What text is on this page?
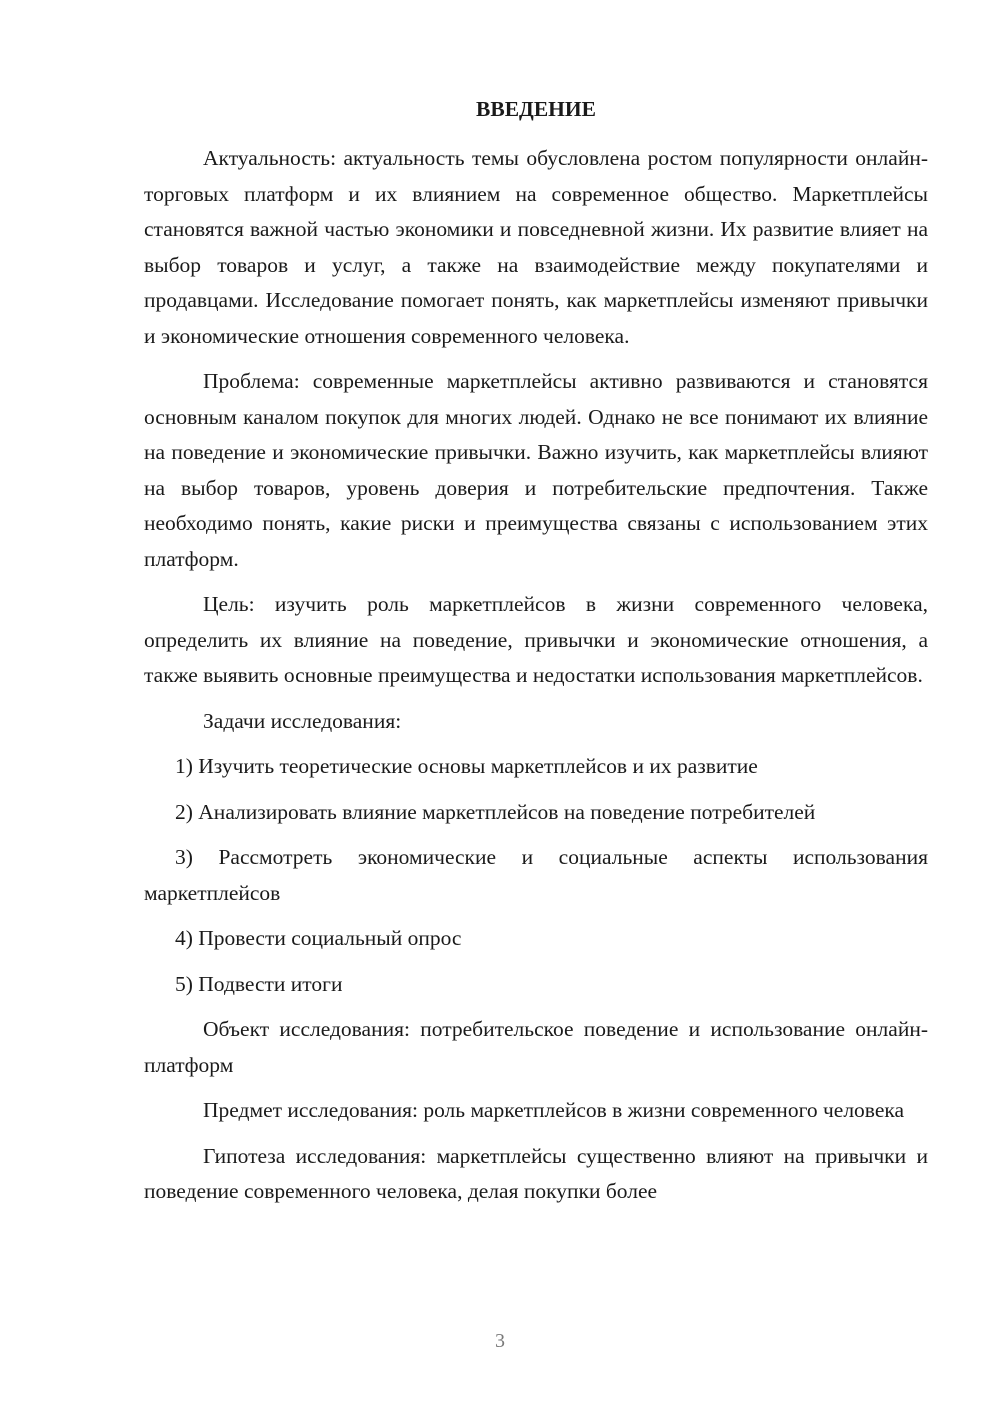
ВВЕДЕНИЕ

Актуальность: актуальность темы обусловлена ростом популярности онлайн-торговых платформ и их влиянием на современное общество. Маркетплейсы становятся важной частью экономики и повседневной жизни. Их развитие влияет на выбор товаров и услуг, а также на взаимодействие между покупателями и продавцами. Исследование помогает понять, как маркетплейсы изменяют привычки и экономические отношения современного человека.

Проблема: современные маркетплейсы активно развиваются и становятся основным каналом покупок для многих людей. Однако не все понимают их влияние на поведение и экономические привычки. Важно изучить, как маркетплейсы влияют на выбор товаров, уровень доверия и потребительские предпочтения. Также необходимо понять, какие риски и преимущества связаны с использованием этих платформ.

Цель: изучить роль маркетплейсов в жизни современного человека, определить их влияние на поведение, привычки и экономические отношения, а также выявить основные преимущества и недостатки использования маркетплейсов.

Задачи исследования:

1) Изучить теоретические основы маркетплейсов и их развитие

2) Анализировать влияние маркетплейсов на поведение потребителей

3) Рассмотреть экономические и социальные аспекты использования маркетплейсов

4) Провести социальный опрос

5) Подвести итоги

Объект исследования: потребительское поведение и использование онлайн-платформ

Предмет исследования: роль маркетплейсов в жизни современного человека

Гипотеза исследования: маркетплейсы существенно влияют на привычки и поведение современного человека, делая покупки более

3
